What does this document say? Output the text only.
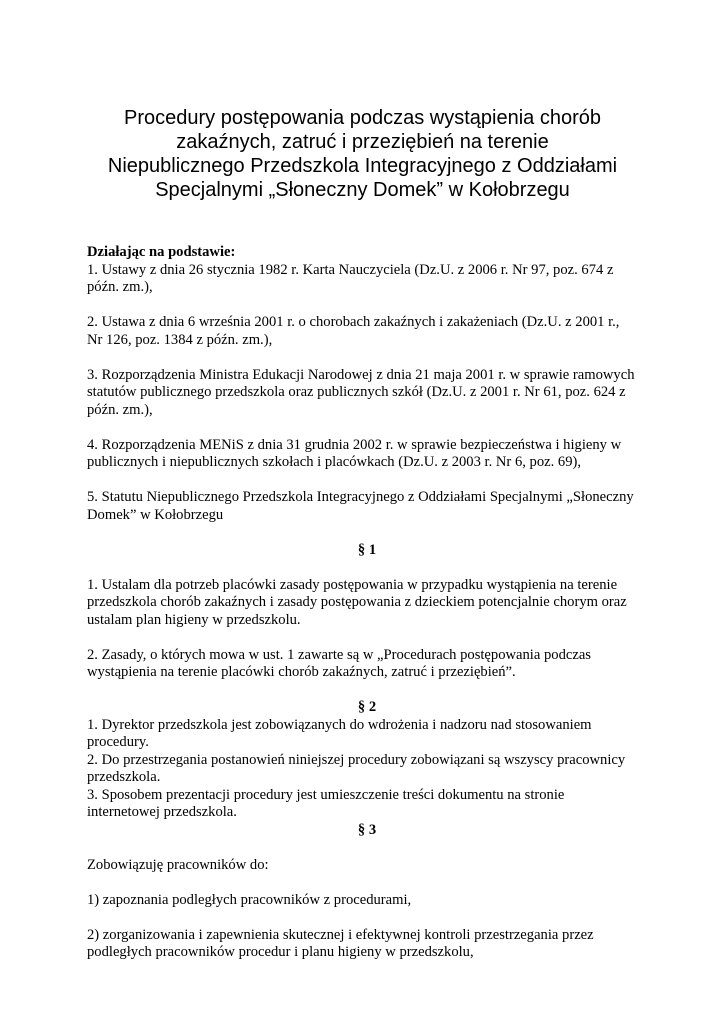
Procedury postępowania podczas wystąpienia chorób
zakaźnych, zatruć i przeziębień na terenie
Niepublicznego Przedszkola Integracyjnego z Oddziałami
Specjalnymi „Słoneczny Domek” w Kołobrzegu
Działając na podstawie:
1. Ustawy z dnia 26 stycznia 1982 r. Karta Nauczyciela (Dz.U. z 2006 r. Nr 97, poz. 674 z
późn. zm.),
2. Ustawa z dnia 6 września 2001 r. o chorobach zakaźnych i zakażeniach (Dz.U. z 2001 r.,
Nr 126, poz. 1384 z późn. zm.),
3. Rozporządzenia Ministra Edukacji Narodowej z dnia 21 maja 2001 r. w sprawie ramowych
statutów publicznego przedszkola oraz publicznych szkół (Dz.U. z 2001 r. Nr 61, poz. 624 z
późn. zm.),
4. Rozporządzenia MENiS z dnia 31 grudnia 2002 r. w sprawie bezpieczeństwa i higieny w
publicznych i niepublicznych szkołach i placówkach (Dz.U. z 2003 r. Nr 6, poz. 69),
5. Statutu Niepublicznego Przedszkola Integracyjnego z Oddziałami Specjalnymi „Słoneczny
Domek” w Kołobrzegu
§ 1
1. Ustalam dla potrzeb placówki zasady postępowania w przypadku wystąpienia na terenie
przedszkola chorób zakaźnych i zasady postępowania z dzieckiem potencjalnie chorym oraz
ustalam plan higieny w przedszkolu.
2. Zasady, o których mowa w ust. 1 zawarte są w „Procedurach postępowania podczas
wystąpienia na terenie placówki chorób zakaźnych, zatruć i przeziębień”.
§ 2
1. Dyrektor przedszkola jest zobowiązanych do wdrożenia i nadzoru nad stosowaniem
procedury.
2. Do przestrzegania postanowień niniejszej procedury zobowiązani są wszyscy pracownicy
przedszkola.
3. Sposobem prezentacji procedury jest umieszczenie treści dokumentu na stronie
internetowej przedszkola.
§ 3
Zobowiązuję pracowników do:
1) zapoznania podległych pracowników z procedurami,
2) zorganizowania i zapewnienia skutecznej i efektywnej kontroli przestrzegania przez
podległych pracowników procedur i planu higieny w przedszkolu,
